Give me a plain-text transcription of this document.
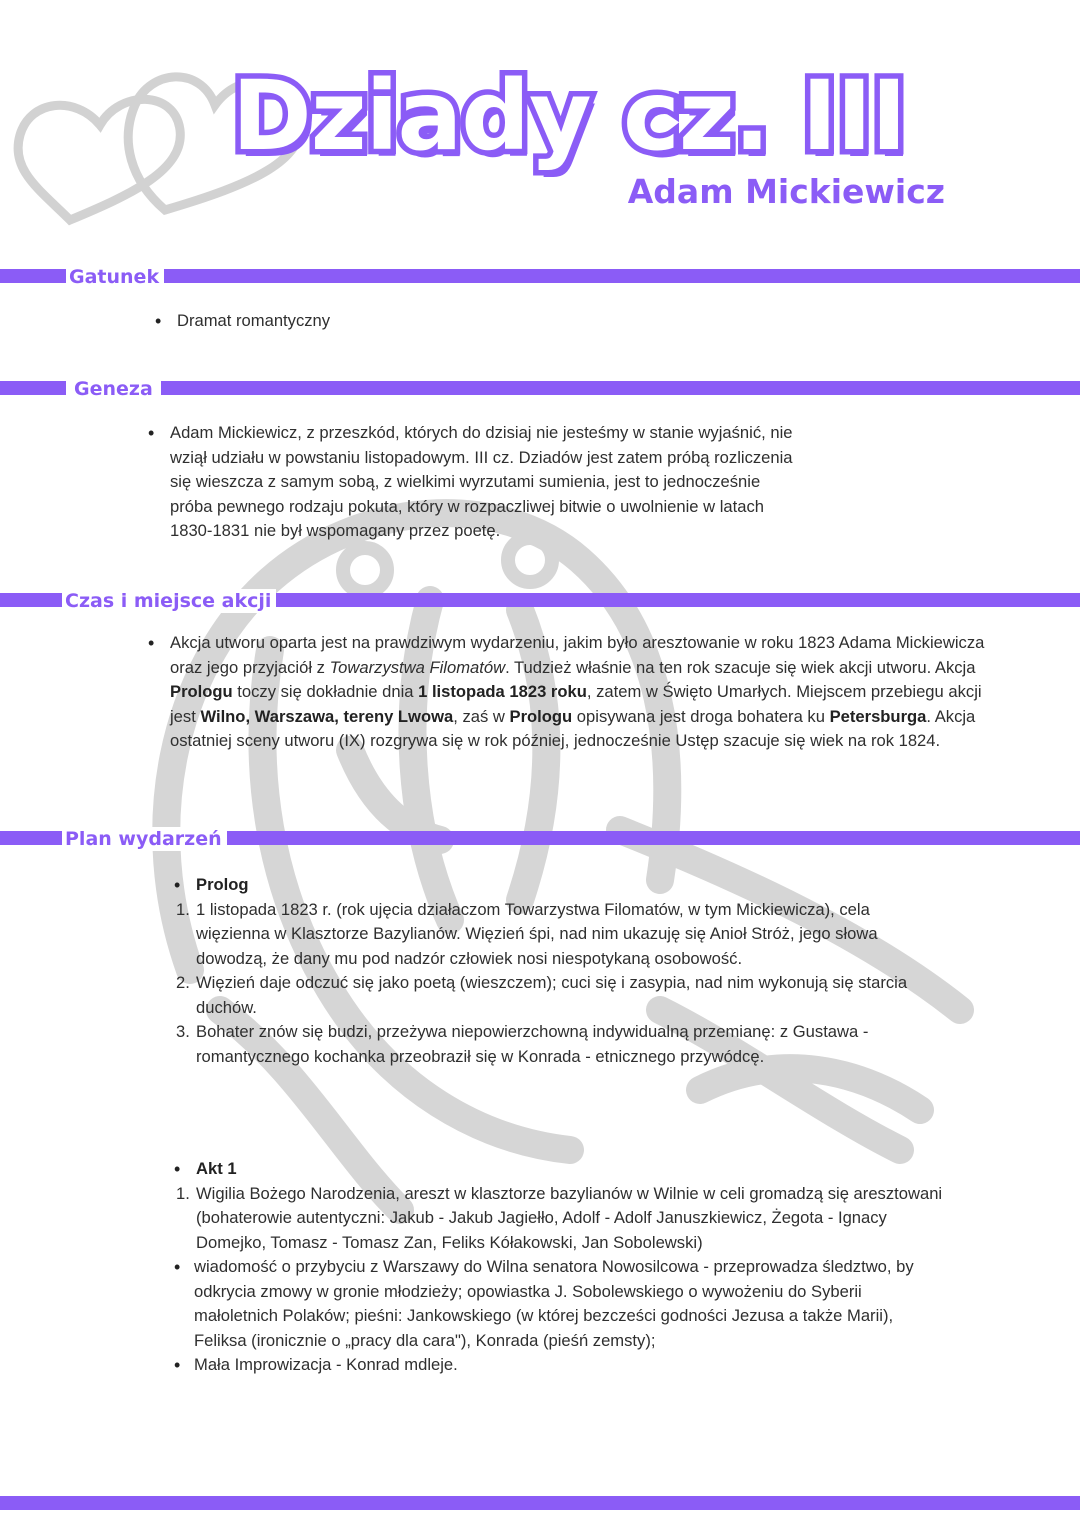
Dziady cz. III
Adam Mickiewicz
Gatunek
• Dramat romantyczny
Geneza
• Adam Mickiewicz, z przeszkód, których do dzisiaj nie jesteśmy w stanie wyjaśnić, nie wziął udziału w powstaniu listopadowym. III cz. Dziadów jest zatem próbą rozliczenia się wieszcza z samym sobą, z wielkimi wyrzutami sumienia, jest to jednocześnie próba pewnego rodzaju pokuta, który w rozpaczliwej bitwie o uwolnienie w latach 1830-1831 nie był wspomagany przez poetę.
Czas i miejsce akcji
• Akcja utworu oparta jest na prawdziwym wydarzeniu, jakim było aresztowanie w roku 1823 Adama Mickiewicza oraz jego przyjaciół z Towarzystwa Filomatów. Tudzież właśnie na ten rok szacuje się wiek akcji utworu. Akcja Prologu toczy się dokładnie dnia 1 listopada 1823 roku, zatem w Święto Umarłych. Miejscem przebiegu akcji jest Wilno, Warszawa, tereny Lwowa, zaś w Prologu opisywana jest droga bohatera ku Petersburga. Akcja ostatniej sceny utworu (IX) rozgrywa się w rok później, jednocześnie Ustęp szacuje się wiek na rok 1824.
Plan wydarzeń
• Prolog
1. 1 listopada 1823 r. (rok ujęcia działaczom Towarzystwa Filomatów, w tym Mickiewicza), cela więzienna w Klasztorze Bazylianów. Więzień śpi, nad nim ukazuję się Anioł Stróż, jego słowa dowodzą, że dany mu pod nadzór człowiek nosi niespotykaną osobowość.
2. Więzień daje odczuć się jako poetą (wieszczem); cuci się i zasypia, nad nim wykonują się starcia duchów.
3. Bohater znów się budzi, przeżywa niepowierzchowną indywidualną przemianę: z Gustawa - romantycznego kochanka przeobraził się w Konrada - etnicznego przywódcę.
• Akt 1
1. Wigilia Bożego Narodzenia, areszt w klasztorze bazylianów w Wilnie w celi gromadzą się aresztowani (bohaterowie autentyczni: Jakub - Jakub Jagiełło, Adolf - Adolf Januszkiewicz, Żegota - Ignacy Domejko, Tomasz - Tomasz Zan, Feliks Kółakowski, Jan Sobolewski)
• wiadomość o przybyciu z Warszawy do Wilna senatora Nowosilcowa - przeprowadza śledztwo, by odkrycia zmowy w gronie młodzieży; opowiastka J. Sobolewskiego o wywożeniu do Syberii małoletnich Polaków; pieśni: Jankowskiego (w której bezcześci godności Jezusa a także Marii), Feliksa (ironicznie o „pracy dla cara"), Konrada (pieśń zemsty);
• Mała Improwizacja - Konrad mdleje.
